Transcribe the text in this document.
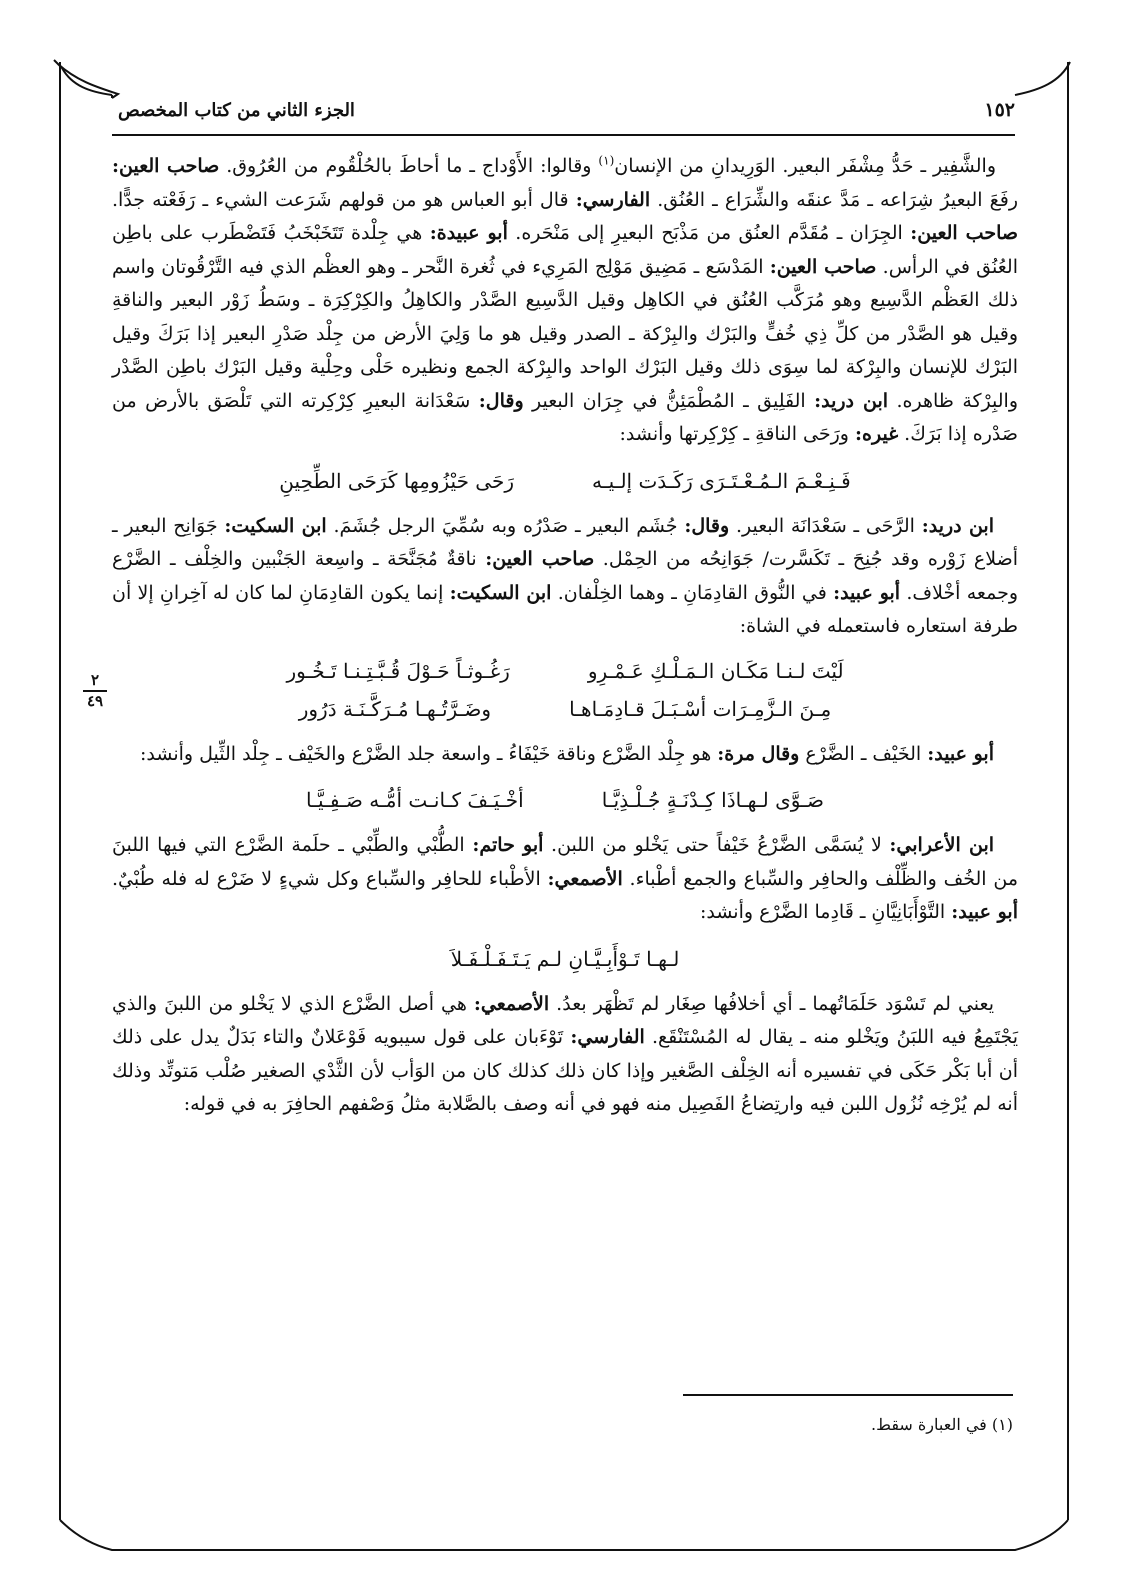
١٥٢
الجزء الثاني من كتاب المخصص

والشَّفِير ـ حَدُّ مِشْفَر البعير. الوَرِيدانِ من الإنسان$^{(١)}$ وقالوا: الأَوْداج ـ ما أحاطَ بالحُلْقُوم من العُرُوق. صاحب العين: رفَعَ البعيرُ شِرَاعه ـ مَدَّ عنقَه والشِّرَاع ـ العُنُق. الفارسي: قال أبو العباس هو من قولهم شَرَعت الشيء ـ رَفَعْته جدًّا. صاحب العين: الجِرَان ـ مُقَدَّم العنُق من مَذْبَح البعيرِ إلى مَنْحَره. أبو عبيدة: هي جِلْدة تَتَخَبْخَبُ فَتَضْطَرب على باطِن العُنُق في الرأس. صاحب العين: المَدْسَع ـ مَضِيق مَوْلِج المَرِيء في ثُغرة النَّحر ـ وهو العظْم الذي فيه التَّرْقُوتان واسم ذلك العَظْم الدَّسِيع وهو مُرَكَّب العُنُق في الكاهِل وقيل الدَّسِيع الصَّدْر والكاهِلُ والكِرْكِرَة ـ وسَطُ زَوْر البعير والناقةِ وقيل هو الصَّدْر من كلِّ ذِي خُفٍّ والبَرْك والبِرْكة ـ الصدر وقيل هو ما وَلِيَ الأرض من جِلْد صَدْرِ البعير إذا بَرَكَ وقيل البَرْك للإنسان والبِرْكة لما سِوَى ذلك وقيل البَرْك الواحد والبِرْكة الجمع ونظيره حَلْى وحِلْية وقيل البَرْك باطِن الصَّدْر والبِرْكة ظاهره. ابن دريد: الفَلِيق ـ المُطْمَئِنُّ في جِرَان البعير وقال: سَعْدَانة البعيرِ كِرْكِرته التي تَلْصَق بالأرض من صَدْره إذا بَرَكَ. غيره: ورَحَى الناقةِ ـ كِرْكِرتها وأنشد:

فَـنِـعْـمَ الـمُـعْـتَـرَى رَكَـدَت إلـيـه
رَحَى حَيْزُومِها كَرَحَى الطِّحِينِ

ابن دريد: الرَّحَى ـ سَعْدَانَة البعير. وقال: جُشَم البعير ـ صَدْرُه وبه سُمِّيَ الرجل جُشَمَ. ابن السكيت: جَوَانِح البعير ـ أضلاع زَوْره وقد جُنِحَ ـ تَكَسَّرت/ جَوَانِحُه من الحِمْل. صاحب العين: ناقةٌ مُجَنَّحَة ـ واسِعة الجَنْبين والخِلْف ـ الضَّرْع وجمعه أخْلاف. أبو عبيد: في النُّوق القادِمَانِ ـ وهما الخِلْفان. ابن السكيت: إنما يكون القادِمَانِ لما كان له آخِرانِ إلا أن طرفة استعاره فاستعمله في الشاة:

لَيْتَ لـنـا مَكَـان الـمَـلْـكِ عَـمْـرِو
رَغُـوثـاً حَـوْلَ قُـبَّـتِـنـا تَـخُـور
مِـنَ الـزَّمِـرَات أسْـبَـلَ قـادِمَـاهـا
وضَـرَّتُـهـا مُـرَكَّـنَـة دَرُور

أبو عبيد: الخَيْف ـ الضَّرْع وقال مرة: هو جِلْد الضَّرْع وناقة خَيْفَاءُ ـ واسعة جلد الضَّرْع والخَيْف ـ جِلْد الثِّيل وأنشد:

صَـوَّى لـهـاذَا كِـدْنَـةٍ جُـلْـذِيَّـا
أخْـيَـفَ كـانـت أمُّـه صَـفِـيَّـا

ابن الأعرابي: لا يُسَمَّى الضَّرْعُ خَيْفاً حتى يَخْلو من اللبن. أبو حاتم: الطُّبْي والطِّبْي ـ حلَمة الضَّرْع التي فيها اللبنَ من الخُف والظِّلْف والحافِر والسِّباع والجمع أطْباء. الأصمعي: الأطْباء للحافِر والسِّباع وكل شيءٍ لا ضَرْع له فله طُبْيٌ. أبو عبيد: التَّوْأَبَانِيَّانِ ـ قَادِما الضَّرْع وأنشد:

لـهـا تَـوْأَبِـيَّـانِ لـم يَـتَـفَـلْـفَـلاَ

يعني لم تَسْوَد حَلَمَاتُهما ـ أي أخلافُها صِغَار لم تَظْهَر بعدُ. الأصمعي: هي أصل الضَّرْع الذي لا يَخْلو من اللبنَ والذي يَجْتَمِعُ فيه اللبَنُ ويَخْلو منه ـ يقال له المُسْتَنْقَع. الفارسي: تَوْءَبان على قول سيبويه فَوْعَلانٌ والتاء بَدَلٌ يدل على ذلك أن أبا بَكْر حَكَى في تفسيره أنه الخِلْف الصَّغير وإذا كان ذلك كذلك كان من الوَأب لأن الثَّدْي الصغير صُلْب مَتوتِّد وذلك أنه لم يُرْخِه نُزُول اللبن فيه وارتِضاعُ الفَصِيل منه فهو في أنه وصف بالصَّلابة مثلُ وَصْفهم الحافِرَ به في قوله:

٢
٤٩
(١) في العبارة سقط.
